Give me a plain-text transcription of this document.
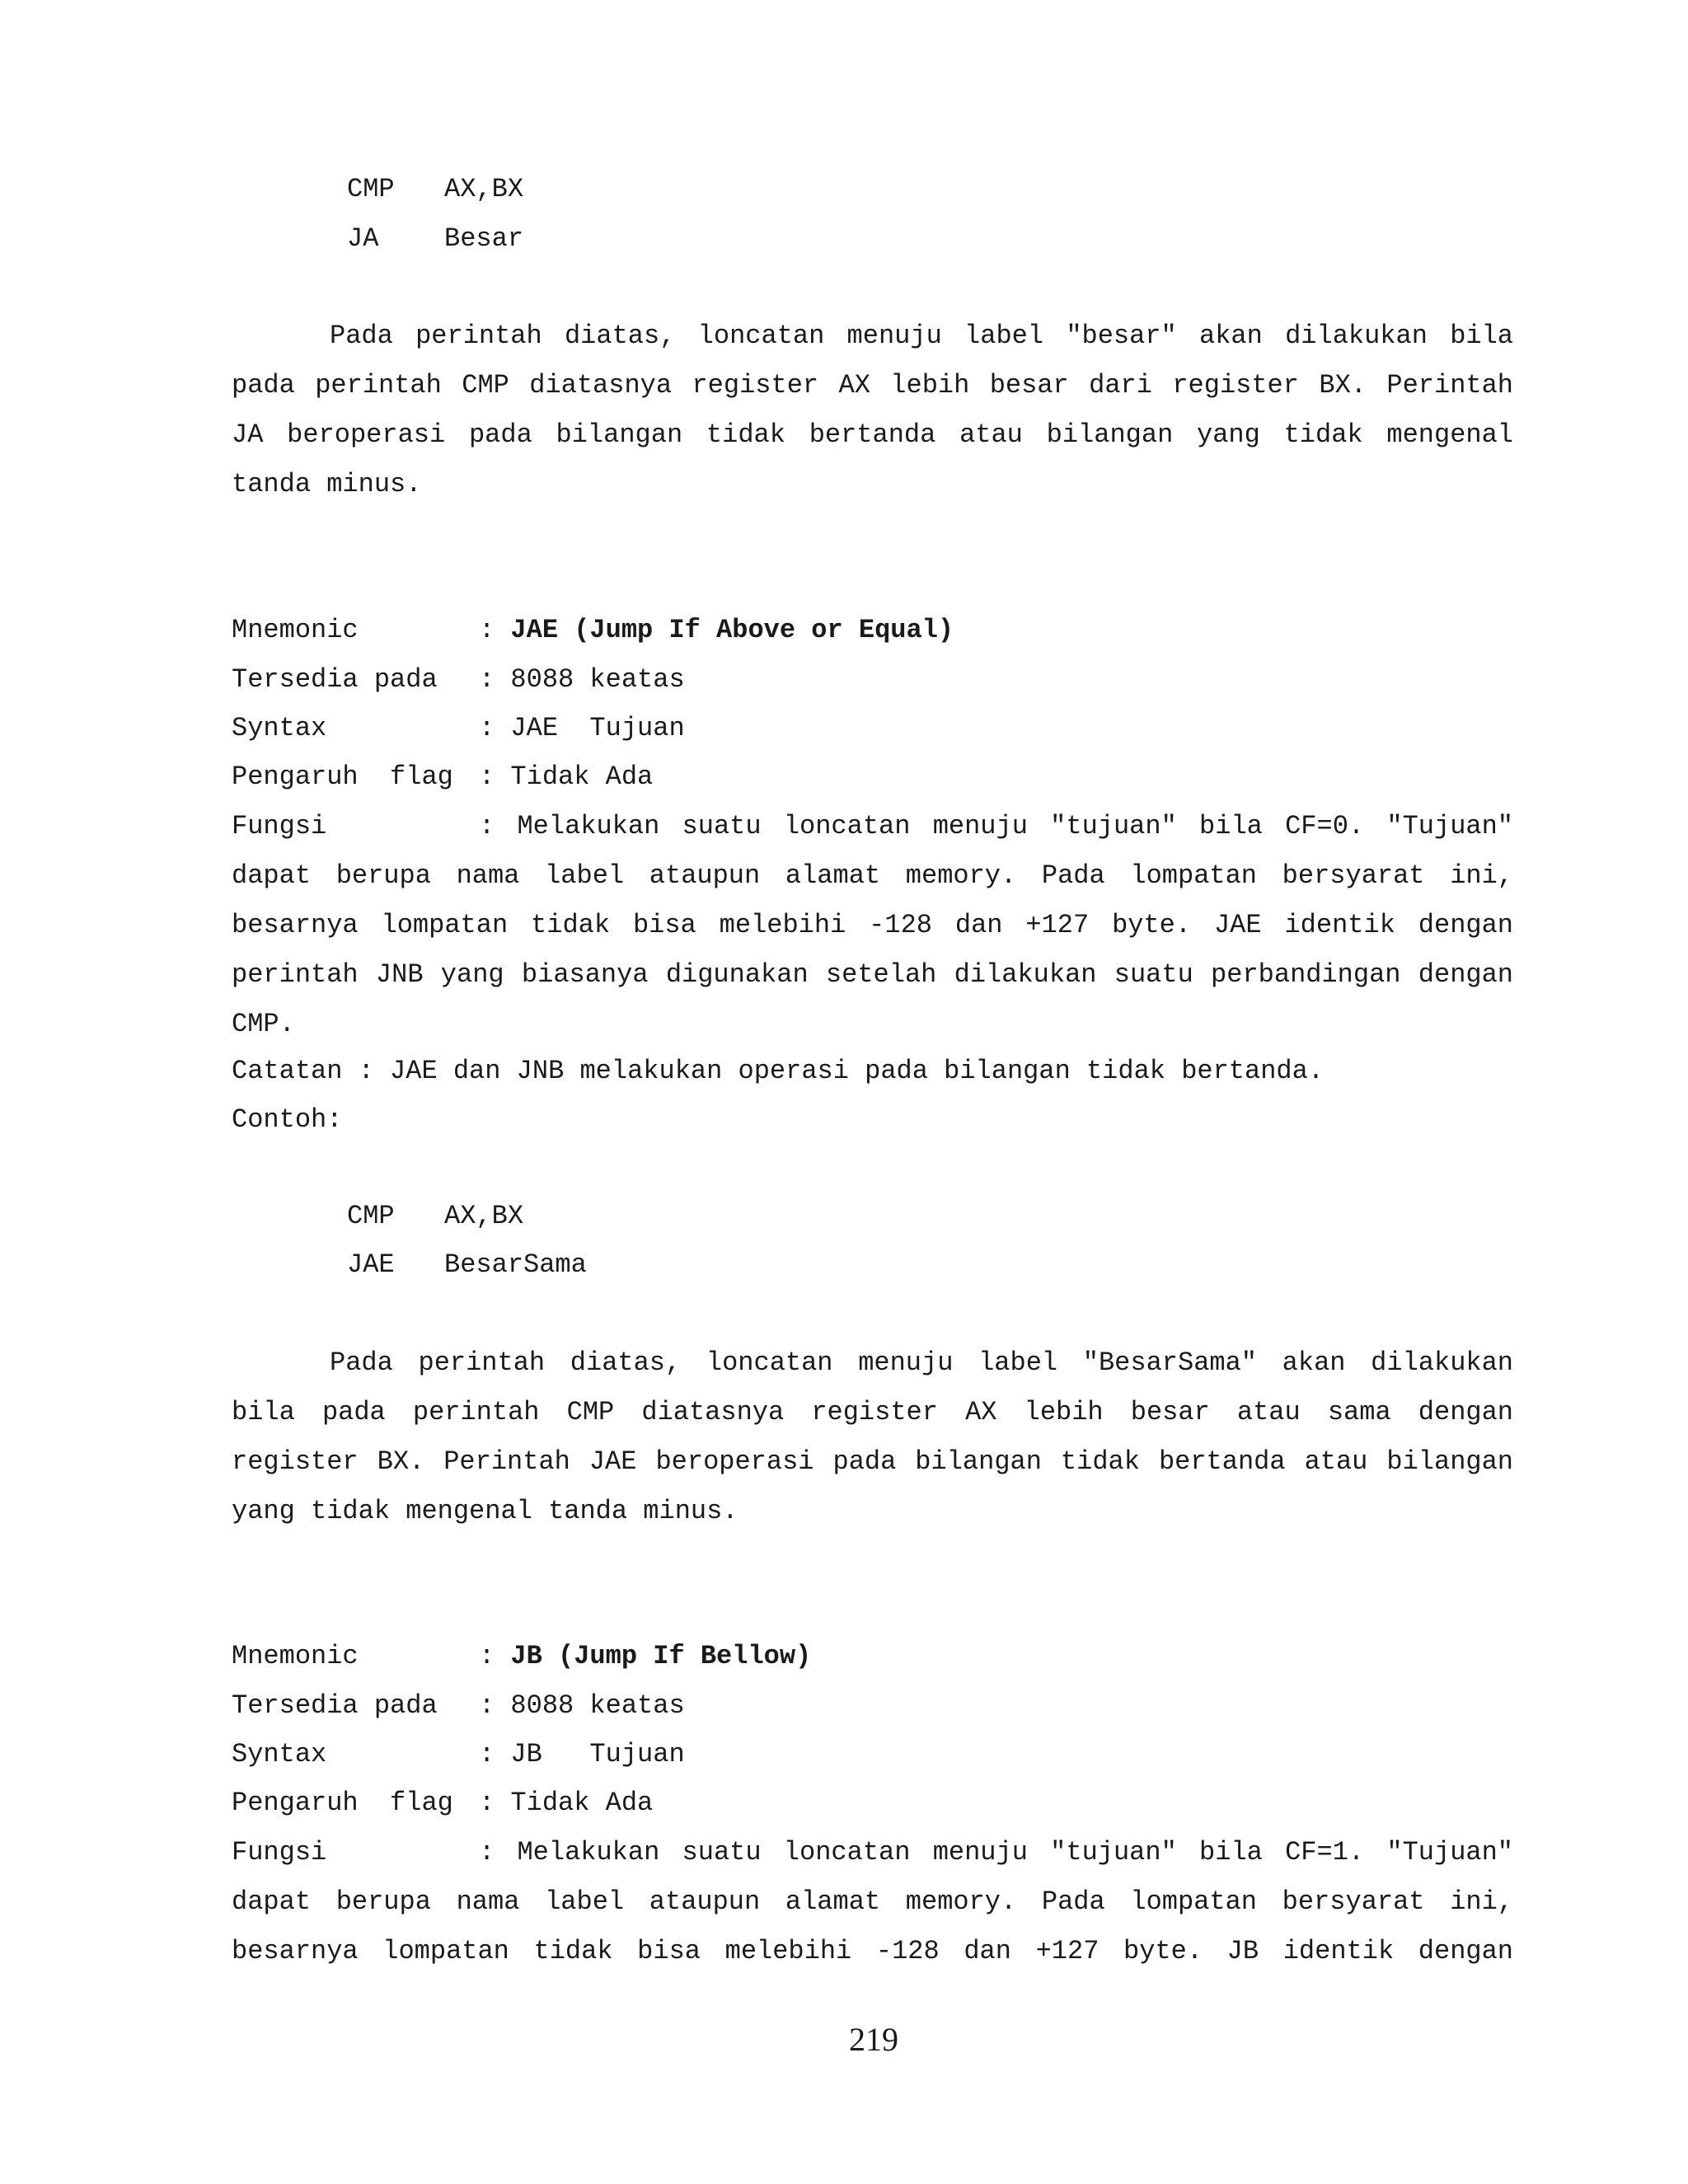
CMP AX,BX
JA Besar

Pada perintah diatas, loncatan menuju label "besar" akan dilakukan bila pada perintah CMP diatasnya register AX lebih besar dari register BX. Perintah JA beroperasi pada bilangan tidak bertanda atau bilangan yang tidak mengenal tanda minus.

Mnemonic	: JAE (Jump If Above or Equal)
Tersedia pada : 8088 keatas
Syntax	: JAE  Tujuan
Pengaruh  flag : Tidak Ada

Fungsi	: Melakukan suatu loncatan menuju "tujuan" bila CF=0. "Tujuan" dapat berupa nama label ataupun alamat memory. Pada lompatan bersyarat ini, besarnya lompatan tidak bisa melebihi -128 dan +127 byte. JAE identik dengan perintah JNB yang biasanya digunakan setelah dilakukan suatu perbandingan dengan CMP.

Catatan : JAE dan JNB melakukan operasi pada bilangan tidak bertanda.
Contoh:
CMP AX,BX
JAE BesarSama

Pada perintah diatas, loncatan menuju label "BesarSama" akan dilakukan bila pada perintah CMP diatasnya register AX lebih besar atau sama dengan register BX. Perintah JAE beroperasi pada bilangan tidak bertanda atau bilangan yang tidak mengenal tanda minus.

Mnemonic	: JB (Jump If Bellow)
Tersedia pada : 8088 keatas
Syntax	: JB   Tujuan
Pengaruh  flag : Tidak Ada

Fungsi	: Melakukan suatu loncatan menuju "tujuan" bila CF=1. "Tujuan" dapat berupa nama label ataupun alamat memory. Pada lompatan bersyarat ini, besarnya lompatan tidak bisa melebihi -128 dan +127 byte. JB identik dengan

219
